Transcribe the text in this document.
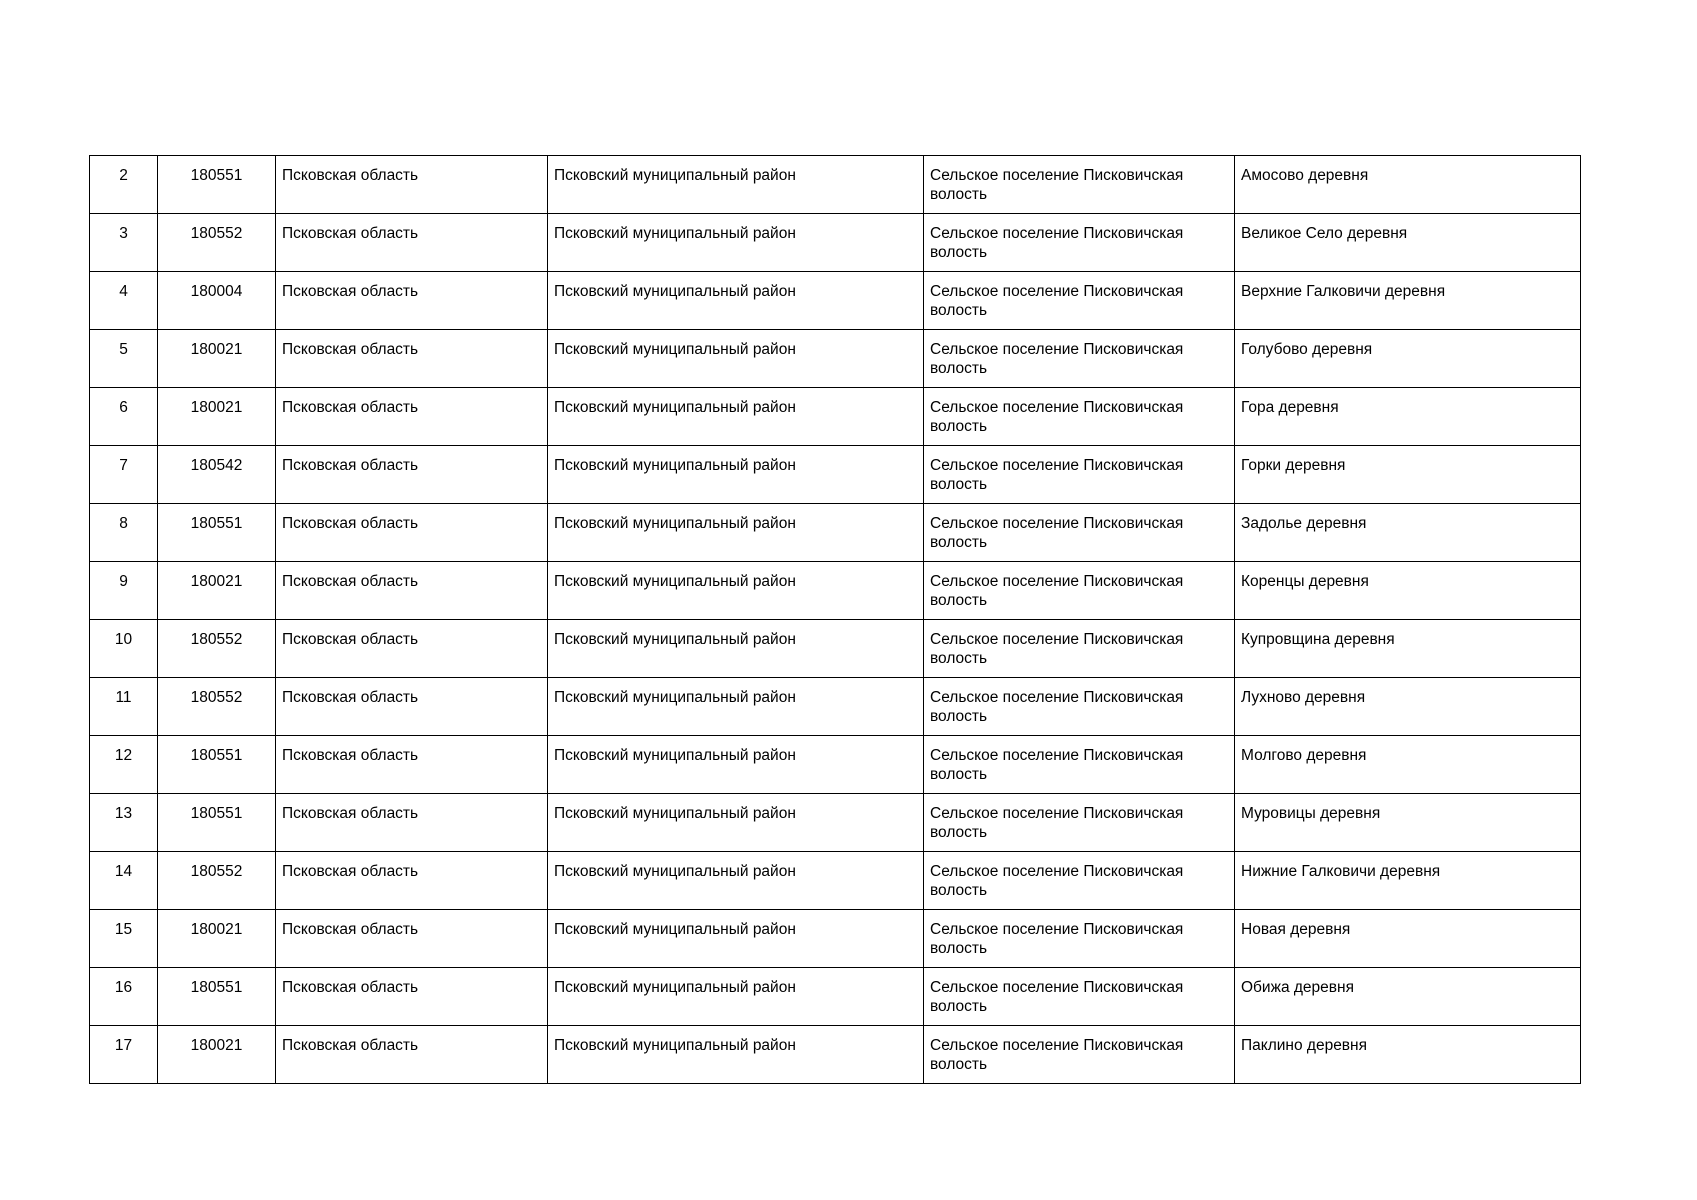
2	180551	Псковская область	Псковский муниципальный район	Сельское поселение Писковичская волость	Амосово деревня
3	180552	Псковская область	Псковский муниципальный район	Сельское поселение Писковичская волость	Великое Село деревня
4	180004	Псковская область	Псковский муниципальный район	Сельское поселение Писковичская волость	Верхние Галковичи деревня
5	180021	Псковская область	Псковский муниципальный район	Сельское поселение Писковичская волость	Голубово деревня
6	180021	Псковская область	Псковский муниципальный район	Сельское поселение Писковичская волость	Гора деревня
7	180542	Псковская область	Псковский муниципальный район	Сельское поселение Писковичская волость	Горки деревня
8	180551	Псковская область	Псковский муниципальный район	Сельское поселение Писковичская волость	Задолье деревня
9	180021	Псковская область	Псковский муниципальный район	Сельское поселение Писковичская волость	Коренцы деревня
10	180552	Псковская область	Псковский муниципальный район	Сельское поселение Писковичская волость	Купровщина деревня
11	180552	Псковская область	Псковский муниципальный район	Сельское поселение Писковичская волость	Лухново деревня
12	180551	Псковская область	Псковский муниципальный район	Сельское поселение Писковичская волость	Молгово деревня
13	180551	Псковская область	Псковский муниципальный район	Сельское поселение Писковичская волость	Муровицы деревня
14	180552	Псковская область	Псковский муниципальный район	Сельское поселение Писковичская волость	Нижние Галковичи деревня
15	180021	Псковская область	Псковский муниципальный район	Сельское поселение Писковичская волость	Новая деревня
16	180551	Псковская область	Псковский муниципальный район	Сельское поселение Писковичская волость	Обижа деревня
17	180021	Псковская область	Псковский муниципальный район	Сельское поселение Писковичская волость	Паклино деревня
